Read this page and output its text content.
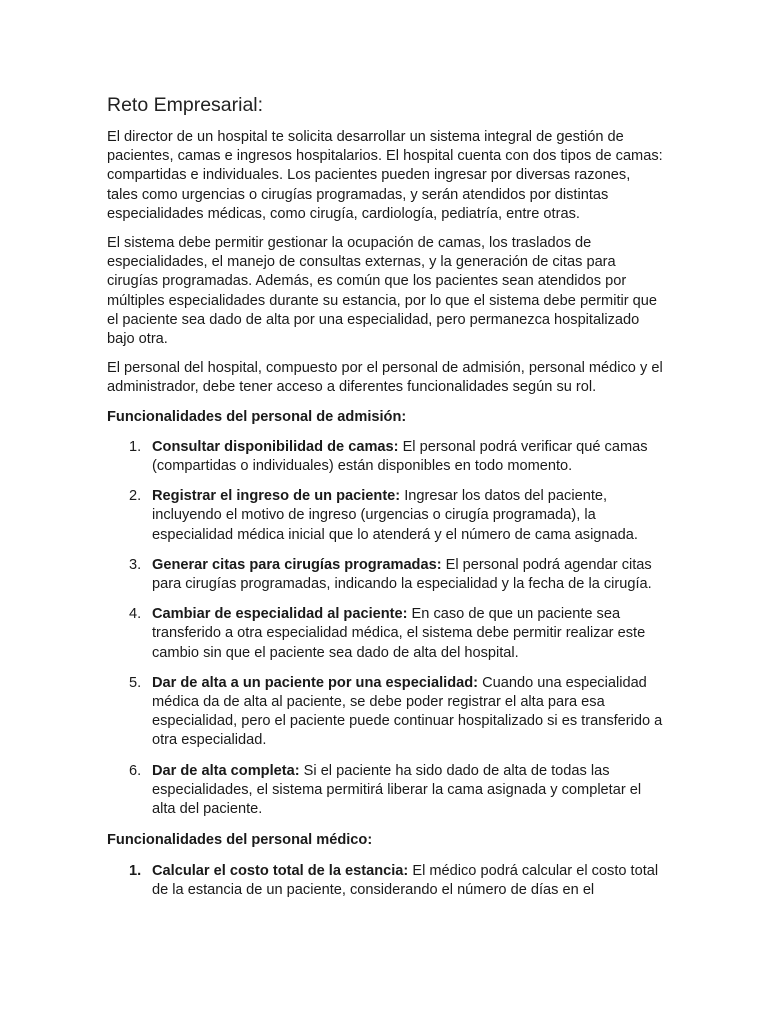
Reto Empresarial:

El director de un hospital te solicita desarrollar un sistema integral de gestión de pacientes, camas e ingresos hospitalarios. El hospital cuenta con dos tipos de camas: compartidas e individuales. Los pacientes pueden ingresar por diversas razones, tales como urgencias o cirugías programadas, y serán atendidos por distintas especialidades médicas, como cirugía, cardiología, pediatría, entre otras.

El sistema debe permitir gestionar la ocupación de camas, los traslados de especialidades, el manejo de consultas externas, y la generación de citas para cirugías programadas. Además, es común que los pacientes sean atendidos por múltiples especialidades durante su estancia, por lo que el sistema debe permitir que el paciente sea dado de alta por una especialidad, pero permanezca hospitalizado bajo otra.

El personal del hospital, compuesto por el personal de admisión, personal médico y el administrador, debe tener acceso a diferentes funcionalidades según su rol.

Funcionalidades del personal de admisión:
1. Consultar disponibilidad de camas: El personal podrá verificar qué camas (compartidas o individuales) están disponibles en todo momento.
2. Registrar el ingreso de un paciente: Ingresar los datos del paciente, incluyendo el motivo de ingreso (urgencias o cirugía programada), la especialidad médica inicial que lo atenderá y el número de cama asignada.
3. Generar citas para cirugías programadas: El personal podrá agendar citas para cirugías programadas, indicando la especialidad y la fecha de la cirugía.
4. Cambiar de especialidad al paciente: En caso de que un paciente sea transferido a otra especialidad médica, el sistema debe permitir realizar este cambio sin que el paciente sea dado de alta del hospital.
5. Dar de alta a un paciente por una especialidad: Cuando una especialidad médica da de alta al paciente, se debe poder registrar el alta para esa especialidad, pero el paciente puede continuar hospitalizado si es transferido a otra especialidad.
6. Dar de alta completa: Si el paciente ha sido dado de alta de todas las especialidades, el sistema permitirá liberar la cama asignada y completar el alta del paciente.
Funcionalidades del personal médico:
1. Calcular el costo total de la estancia: El médico podrá calcular el costo total de la estancia de un paciente, considerando el número de días en el
